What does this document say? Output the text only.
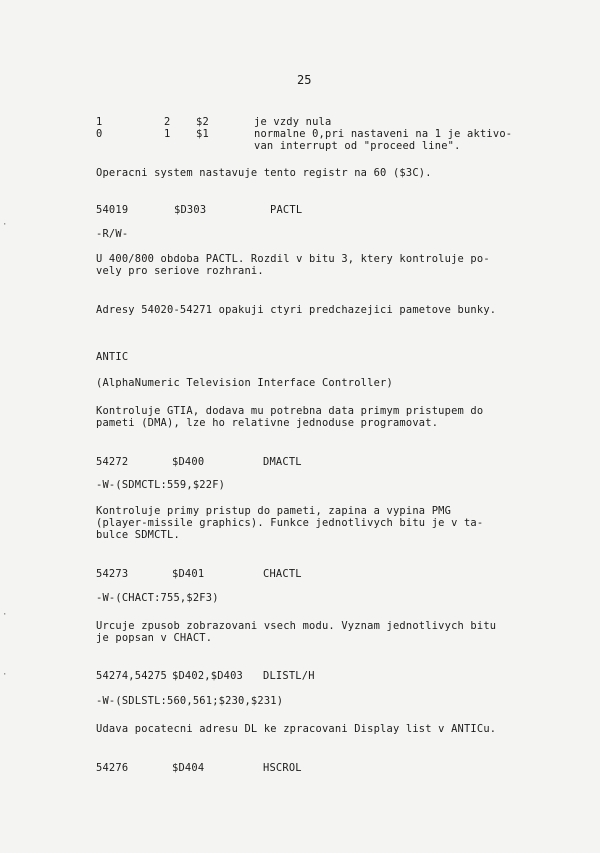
25
1	2 $2	je vzdy nula
0	1 $1	normalne 0,pri nastaveni na 1 je aktivo-
van interrupt od "proceed line".
Operacni system nastavuje tento registr na 60 ($3C).
54019	$D303	PACTL
-R/W-
U 400/800 obdoba PACTL. Rozdil v bitu 3, ktery kontroluje po-
vely pro seriove rozhrani.
Adresy 54020-54271 opakuji ctyri predchazejici pametove bunky.
ANTIC
(AlphaNumeric Television Interface Controller)
Kontroluje GTIA, dodava mu potrebna data primym pristupem do
pameti (DMA), lze ho relativne jednoduse programovat.
54272	$D400	DMACTL
-W-(SDMCTL:559,$22F)
Kontroluje primy pristup do pameti, zapina a vypina PMG
(player-missile graphics). Funkce jednotlivych bitu je v ta-
bulce SDMCTL.
54273	$D401	CHACTL
-W-(CHACT:755,$2F3)
Urcuje zpusob zobrazovani vsech modu. Vyznam jednotlivych bitu
je popsan v CHACT.
54274,54275 $D402,$D403 DLISTL/H
-W-(SDLSTL:560,561;$230,$231)
Udava pocatecni adresu DL ke zpracovani Display list v ANTICu.
54276	$D404	HSCROL
·
·
·
